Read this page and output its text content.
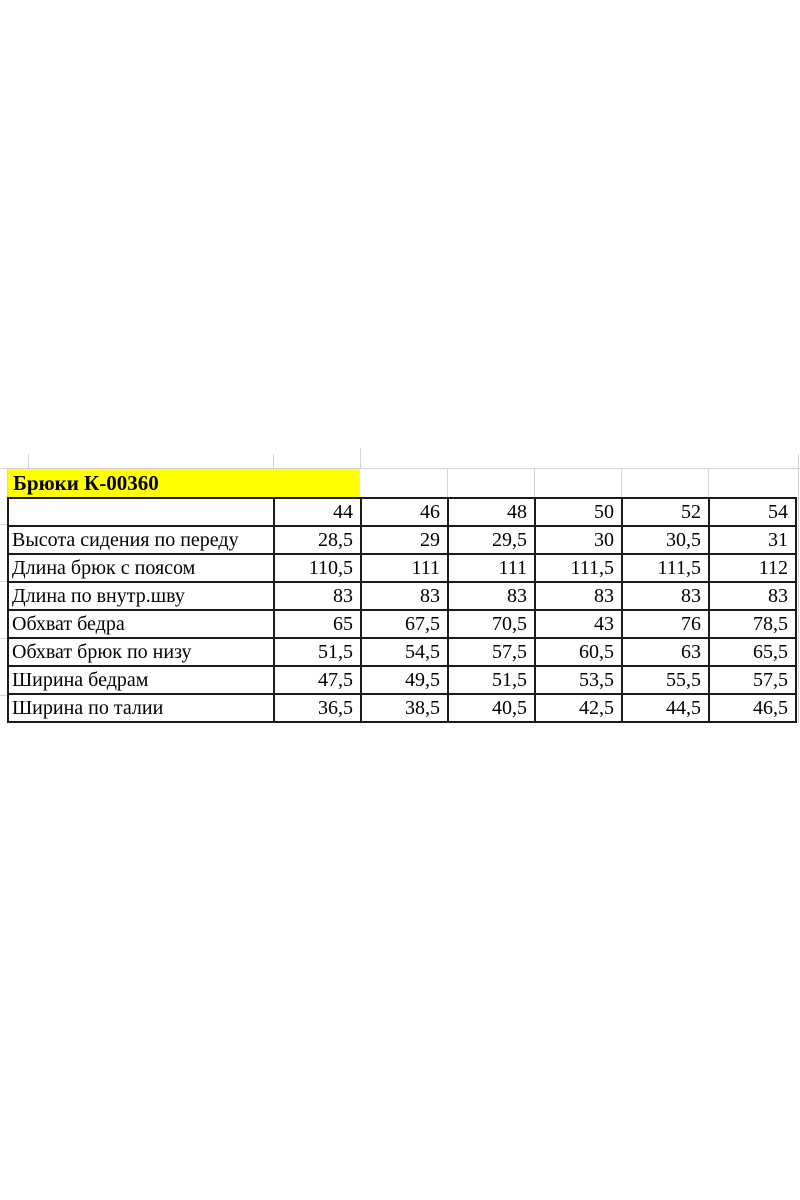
Брюки К-00360
	44	46	48	50	52	54
Высота сидения по переду	28,5	29	29,5	30	30,5	31
Длина брюк с поясом	110,5	111	111	111,5	111,5	112
Длина по внутр.шву	83	83	83	83	83	83
Обхват бедра	65	67,5	70,5	43	76	78,5
Обхват брюк по низу	51,5	54,5	57,5	60,5	63	65,5
Ширина бедрам	47,5	49,5	51,5	53,5	55,5	57,5
Ширина по талии	36,5	38,5	40,5	42,5	44,5	46,5
